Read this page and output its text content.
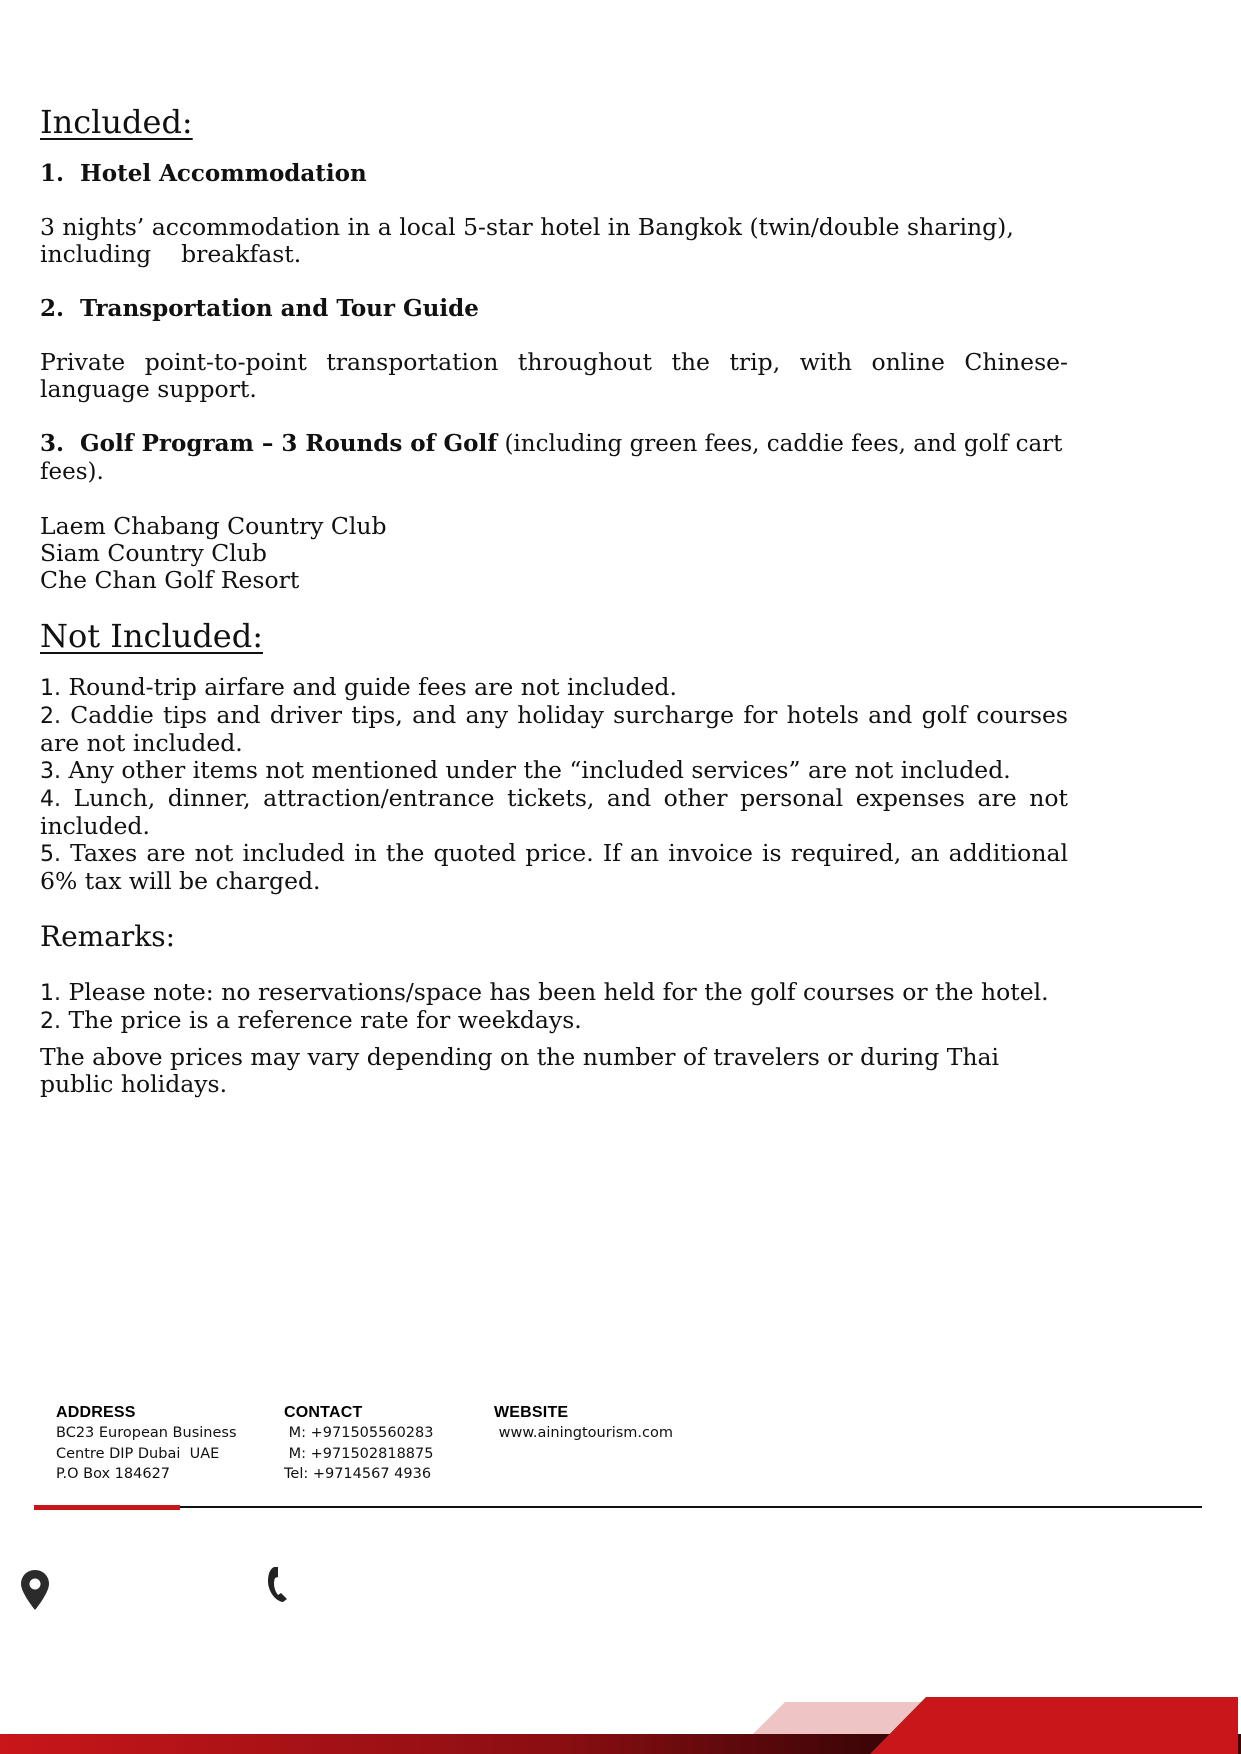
Included:

1. Hotel Accommodation

3 nights’ accommodation in a local 5-star hotel in Bangkok (twin/double sharing),

including    breakfast.

2. Transportation and Tour Guide

Private point-to-point transportation throughout the trip, with online Chinese-language support.

3. Golf Program – 3 Rounds of Golf (including green fees, caddie fees, and golf cart fees).

Laem Chabang Country Club

Siam Country Club

Che Chan Golf Resort

Not Included:

1. Round-trip airfare and guide fees are not included.

2. Caddie tips and driver tips, and any holiday surcharge for hotels and golf courses are not included.

3. Any other items not mentioned under the “included services” are not included.

4. Lunch, dinner, attraction/entrance tickets, and other personal expenses are not included.

5. Taxes are not included in the quoted price. If an invoice is required, an additional 6% tax will be charged.

Remarks:

1. Please note: no reservations/space has been held for the golf courses or the hotel.

2. The price is a reference rate for weekdays.

The above prices may vary depending on the number of travelers or during Thai public holidays.

ADDRESS
BC23 European Business
Centre DIP Dubai  UAE
P.O Box 184627
CONTACT
M: +971505560283
M: +971502818875
Tel: +9714567 4936
WEBSITE
www.ainingtourism.com
